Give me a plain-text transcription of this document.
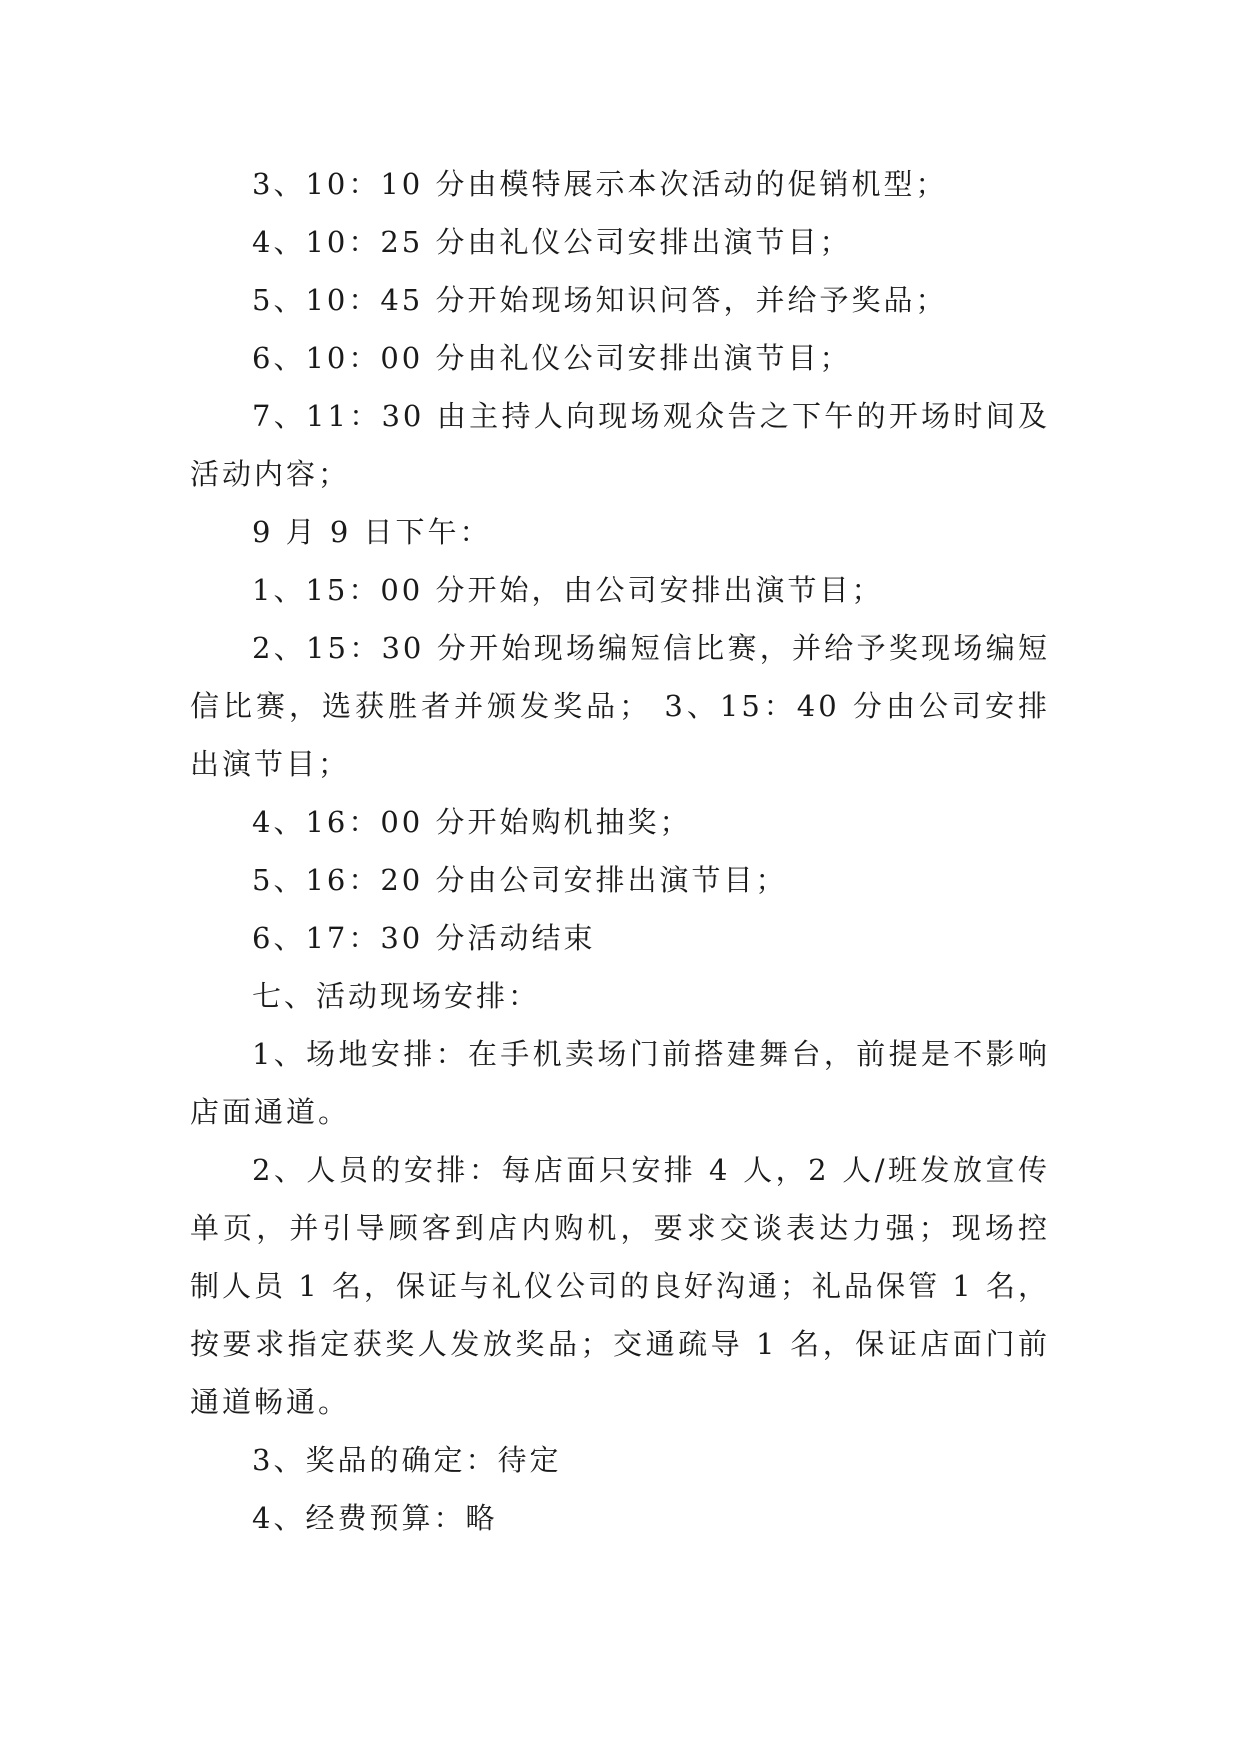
3、10：10 分由模特展示本次活动的促销机型；

4、10：25 分由礼仪公司安排出演节目；

5、10：45 分开始现场知识问答，并给予奖品；

6、10：00 分由礼仪公司安排出演节目；

7、11：30 由主持人向现场观众告之下午的开场时间及活动内容；

9 月 9 日下午：

1、15：00 分开始，由公司安排出演节目；

2、15：30 分开始现场编短信比赛，并给予奖现场编短信比赛，选获胜者并颁发奖品； 3、15：40 分由公司安排出演节目；

4、16：00 分开始购机抽奖；

5、16：20 分由公司安排出演节目；

6、17：30 分活动结束

七、活动现场安排：

1、场地安排：在手机卖场门前搭建舞台，前提是不影响店面通道。

2、人员的安排：每店面只安排 4 人，2 人/班发放宣传单页，并引导顾客到店内购机，要求交谈表达力强；现场控制人员 1 名，保证与礼仪公司的良好沟通；礼品保管 1 名，按要求指定获奖人发放奖品；交通疏导 1 名，保证店面门前通道畅通。

3、奖品的确定：待定

4、经费预算：略
